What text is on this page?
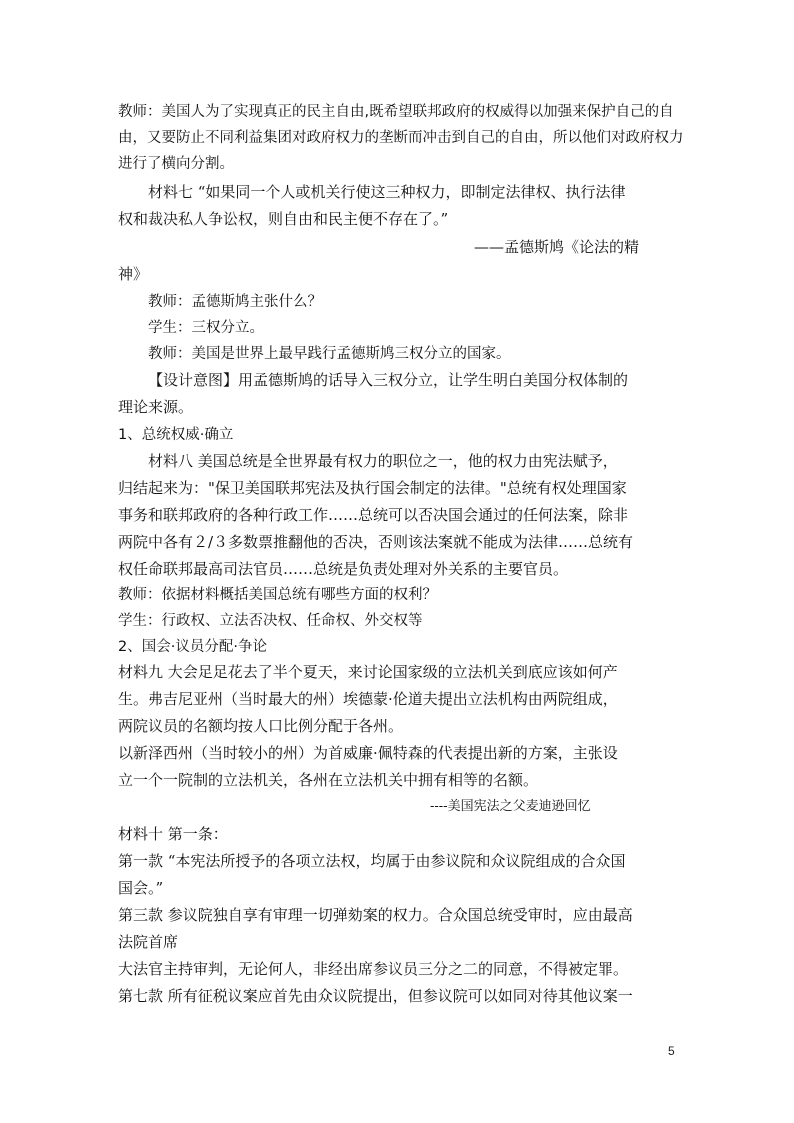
教师：美国人为了实现真正的民主自由,既希望联邦政府的权威得以加强来保护自己的自
由，又要防止不同利益集团对政府权力的垄断而冲击到自己的自由，所以他们对政府权力
进行了横向分割。
材料七 “如果同一个人或机关行使这三种权力，即制定法律权、执行法律
权和裁决私人争讼权，则自由和民主便不存在了。”
——孟德斯鸠《论法的精
神》
教师：孟德斯鸠主张什么？
学生：三权分立。
教师：美国是世界上最早践行孟德斯鸠三权分立的国家。
【设计意图】用孟德斯鸠的话导入三权分立，让学生明白美国分权体制的
理论来源。
1、总统权威·确立
材料八 美国总统是全世界最有权力的职位之一，他的权力由宪法赋予，
归结起来为："保卫美国联邦宪法及执行国会制定的法律。"总统有权处理国家
事务和联邦政府的各种行政工作……总统可以否决国会通过的任何法案，除非
两院中各有２/３多数票推翻他的否决，否则该法案就不能成为法律……总统有
权任命联邦最高司法官员……总统是负责处理对外关系的主要官员。
教师：依据材料概括美国总统有哪些方面的权利？
学生：行政权、立法否决权、任命权、外交权等
2、国会·议员分配·争论
材料九 大会足足花去了半个夏天，来讨论国家级的立法机关到底应该如何产
生。弗吉尼亚州（当时最大的州）埃德蒙·伦道夫提出立法机构由两院组成，
两院议员的名额均按人口比例分配于各州。
以新泽西州（当时较小的州）为首威廉·佩特森的代表提出新的方案，主张设
立一个一院制的立法机关，各州在立法机关中拥有相等的名额。
----美国宪法之父麦迪逊回忆
材料十 第一条：
第一款 “本宪法所授予的各项立法权，均属于由参议院和众议院组成的合众国
国会。”
第三款 参议院独自享有审理一切弹劾案的权力。合众国总统受审时，应由最高
法院首席
大法官主持审判，无论何人，非经出席参议员三分之二的同意，不得被定罪。
第七款 所有征税议案应首先由众议院提出，但参议院可以如同对待其他议案一
5
